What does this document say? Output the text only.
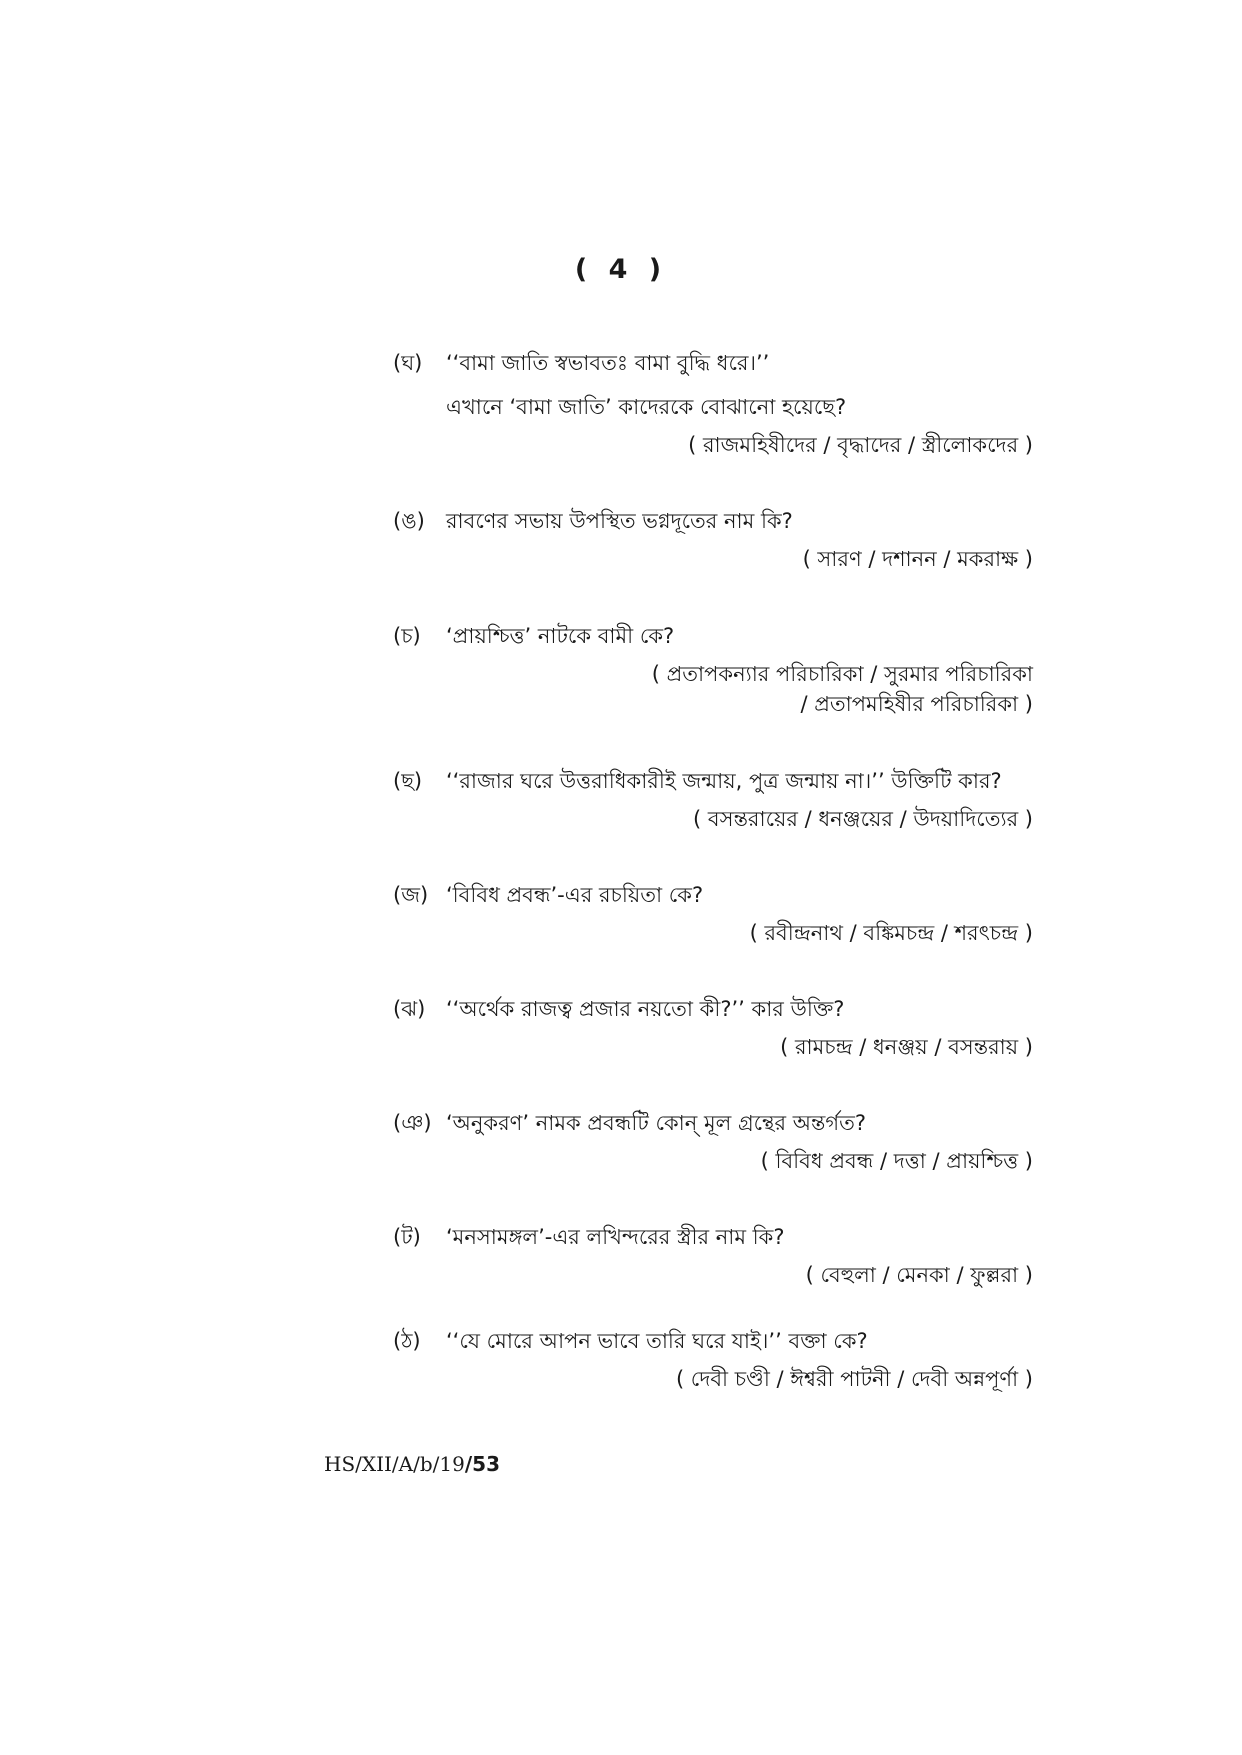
( 4 )
(ঘ)	‘‘বামা জাতি স্বভাবতঃ বামা বুদ্ধি ধরে।’’
এখানে ‘বামা জাতি’ কাদেরকে বোঝানো হয়েছে?
( রাজমহিষীদের / বৃদ্ধাদের / স্ত্রীলোকদের )
(ঙ)	রাবণের সভায় উপস্থিত ভগ্নদূতের নাম কি?
( সারণ / দশানন / মকরাক্ষ )
(চ)	‘প্রায়শ্চিত্ত’ নাটকে বামী কে?
( প্রতাপকন্যার পরিচারিকা / সুরমার পরিচারিকা
/ প্রতাপমহিষীর পরিচারিকা )
(ছ)	‘‘রাজার ঘরে উত্তরাধিকারীই জন্মায়, পুত্র জন্মায় না।’’ উক্তিটি কার?
( বসন্তরায়ের / ধনঞ্জয়ের / উদয়াদিত্যের )
(জ) ‘বিবিধ প্রবন্ধ’-এর রচয়িতা কে?
( রবীন্দ্রনাথ / বঙ্কিমচন্দ্র / শরৎচন্দ্র )
(ঝ) ‘‘অর্থেক রাজত্ব প্রজার নয়তো কী?’’ কার উক্তি?
( রামচন্দ্র / ধনঞ্জয় / বসন্তরায় )
(ঞ) ‘অনুকরণ’ নামক প্রবন্ধটি কোন্ মূল গ্রন্থের অন্তর্গত?
( বিবিধ প্রবন্ধ / দত্তা / প্রায়শ্চিত্ত )
(ট)	‘মনসামঙ্গল’-এর লখিন্দরের স্ত্রীর নাম কি?
( বেহুলা / মেনকা / ফুল্লরা )
(ঠ)	‘‘যে মোরে আপন ভাবে তারি ঘরে যাই।’’ বক্তা কে?
( দেবী চণ্ডী / ঈশ্বরী পাটনী / দেবী অন্নপূর্ণা )
HS/XII/A/b/19/53
